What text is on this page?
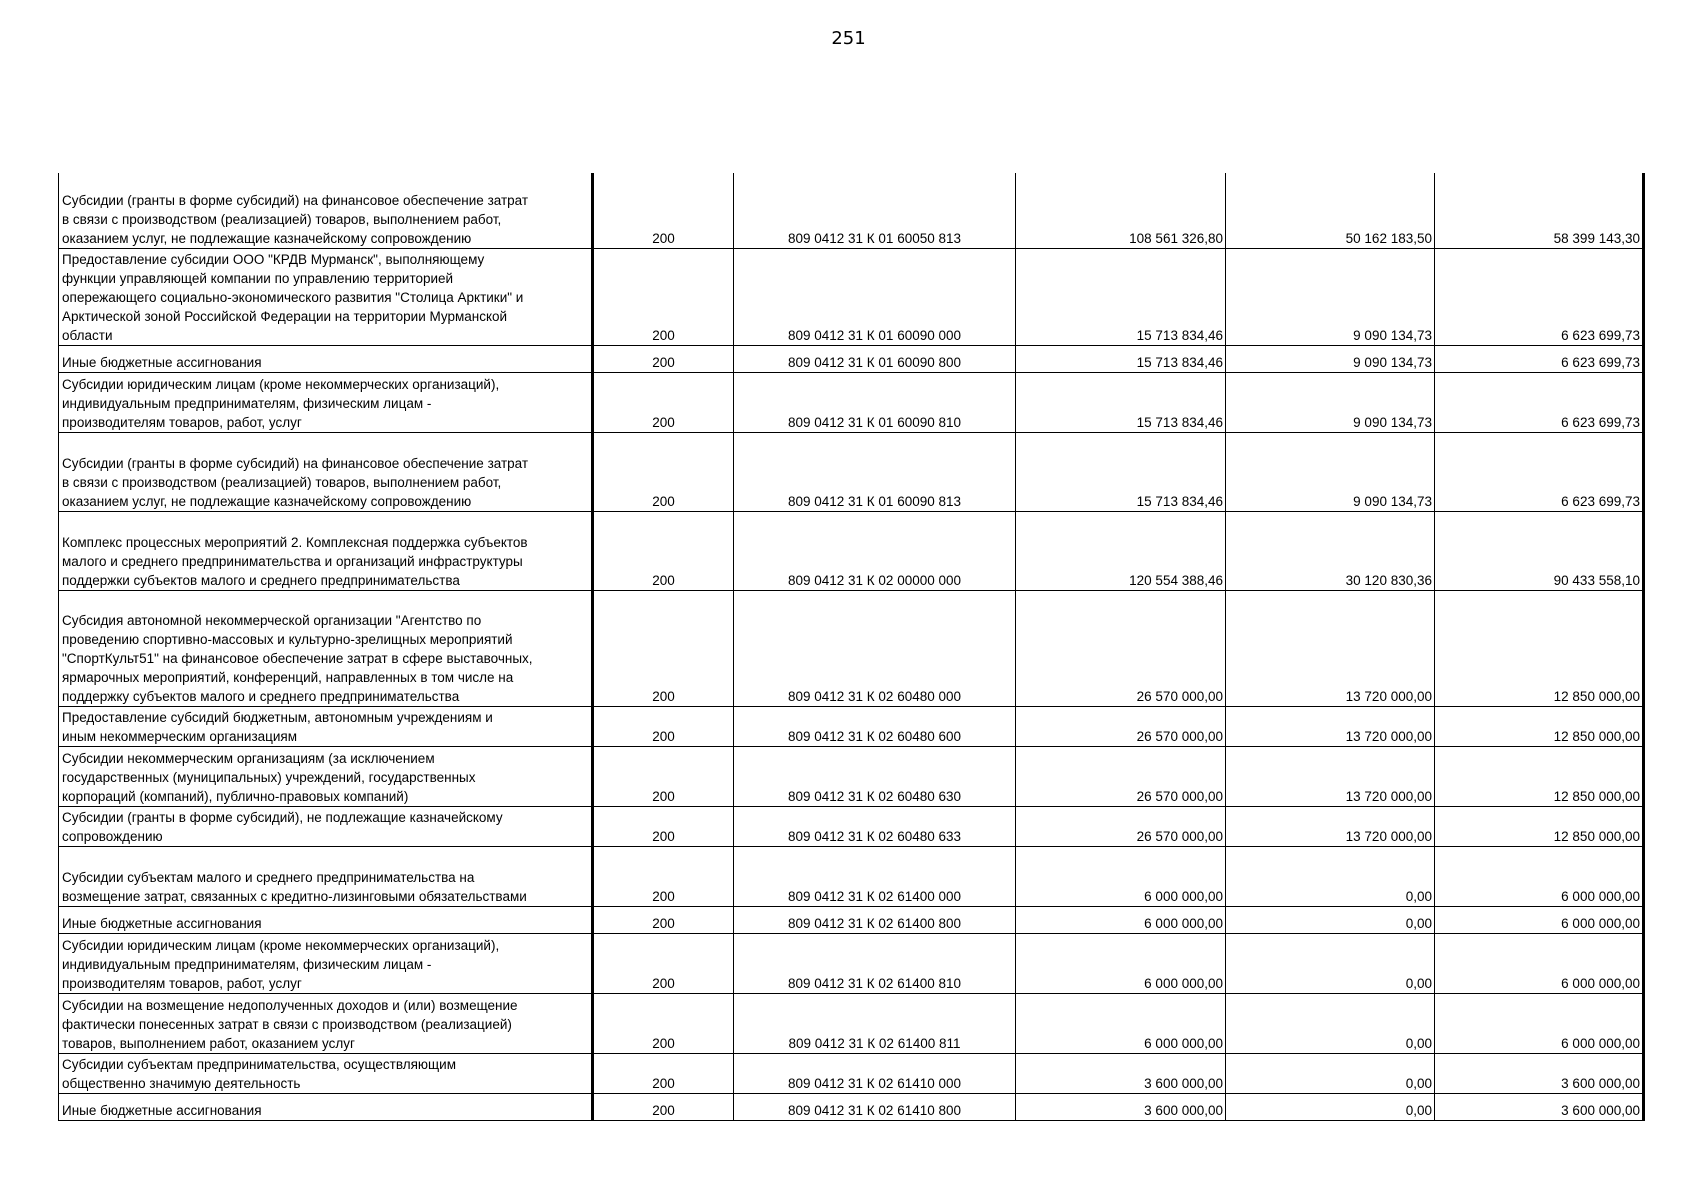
251
Субсидии (гранты в форме субсидий) на финансовое обеспечение затрат
в связи с производством (реализацией) товаров, выполнением работ,
оказанием услуг, не подлежащие казначейскому сопровождению	200	809 0412 31 К 01 60050 813	108 561 326,80	50 162 183,50	58 399 143,30
Предоставление субсидии ООО "КРДВ Мурманск", выполняющему
функции управляющей компании по управлению территорией
опережающего социально-экономического развития "Столица Арктики" и
Арктической зоной Российской Федерации на территории Мурманской
области	200	809 0412 31 К 01 60090 000	15 713 834,46	9 090 134,73	6 623 699,73
Иные бюджетные ассигнования	200	809 0412 31 К 01 60090 800	15 713 834,46	9 090 134,73	6 623 699,73
Субсидии юридическим лицам (кроме некоммерческих организаций),
индивидуальным предпринимателям, физическим лицам -
производителям товаров, работ, услуг	200	809 0412 31 К 01 60090 810	15 713 834,46	9 090 134,73	6 623 699,73
Субсидии (гранты в форме субсидий) на финансовое обеспечение затрат
в связи с производством (реализацией) товаров, выполнением работ,
оказанием услуг, не подлежащие казначейскому сопровождению	200	809 0412 31 К 01 60090 813	15 713 834,46	9 090 134,73	6 623 699,73
Комплекс процессных мероприятий 2. Комплексная поддержка субъектов
малого и среднего предпринимательства и организаций инфраструктуры
поддержки субъектов малого и среднего предпринимательства	200	809 0412 31 К 02 00000 000	120 554 388,46	30 120 830,36	90 433 558,10
Субсидия автономной некоммерческой организации "Агентство по
проведению спортивно-массовых и культурно-зрелищных мероприятий
"СпортКульт51" на финансовое обеспечение затрат в сфере выставочных,
ярмарочных мероприятий, конференций, направленных в том числе на
поддержку субъектов малого и среднего предпринимательства	200	809 0412 31 К 02 60480 000	26 570 000,00	13 720 000,00	12 850 000,00
Предоставление субсидий бюджетным, автономным учреждениям и
иным некоммерческим организациям	200	809 0412 31 К 02 60480 600	26 570 000,00	13 720 000,00	12 850 000,00
Субсидии некоммерческим организациям (за исключением
государственных (муниципальных) учреждений, государственных
корпораций (компаний), публично-правовых компаний)	200	809 0412 31 К 02 60480 630	26 570 000,00	13 720 000,00	12 850 000,00
Субсидии (гранты в форме субсидий), не подлежащие казначейскому
сопровождению	200	809 0412 31 К 02 60480 633	26 570 000,00	13 720 000,00	12 850 000,00
Субсидии субъектам малого и среднего предпринимательства на
возмещение затрат, связанных с кредитно-лизинговыми обязательствами	200	809 0412 31 К 02 61400 000	6 000 000,00	0,00	6 000 000,00
Иные бюджетные ассигнования	200	809 0412 31 К 02 61400 800	6 000 000,00	0,00	6 000 000,00
Субсидии юридическим лицам (кроме некоммерческих организаций),
индивидуальным предпринимателям, физическим лицам -
производителям товаров, работ, услуг	200	809 0412 31 К 02 61400 810	6 000 000,00	0,00	6 000 000,00
Субсидии на возмещение недополученных доходов и (или) возмещение
фактически понесенных затрат в связи с производством (реализацией)
товаров, выполнением работ, оказанием услуг	200	809 0412 31 К 02 61400 811	6 000 000,00	0,00	6 000 000,00
Субсидии субъектам предпринимательства, осуществляющим
общественно значимую деятельность	200	809 0412 31 К 02 61410 000	3 600 000,00	0,00	3 600 000,00
Иные бюджетные ассигнования	200	809 0412 31 К 02 61410 800	3 600 000,00	0,00	3 600 000,00
